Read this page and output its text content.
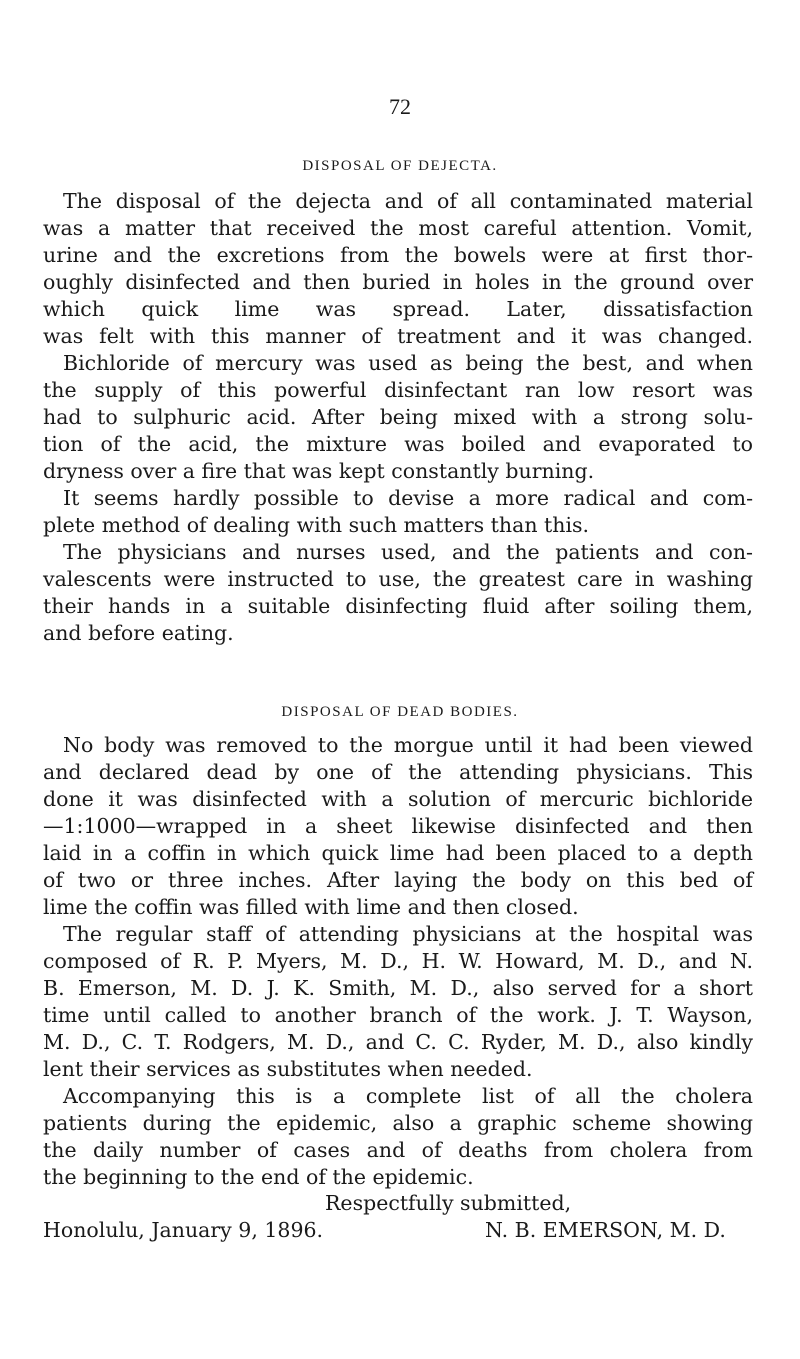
72
DISPOSAL OF DEJECTA.
The disposal of the dejecta and of all contaminated material
was a matter that received the most careful attention. Vomit,
urine and the excretions from the bowels were at first thor-
oughly disinfected and then buried in holes in the ground over
which quick lime was spread. Later, dissatisfaction
was felt with this manner of treatment and it was changed.
Bichloride of mercury was used as being the best, and when
the supply of this powerful disinfectant ran low resort was
had to sulphuric acid. After being mixed with a strong solu-
tion of the acid, the mixture was boiled and evaporated to
dryness over a fire that was kept constantly burning.
It seems hardly possible to devise a more radical and com-
plete method of dealing with such matters than this.
The physicians and nurses used, and the patients and con-
valescents were instructed to use, the greatest care in washing
their hands in a suitable disinfecting fluid after soiling them,
and before eating.
DISPOSAL OF DEAD BODIES.
No body was removed to the morgue until it had been viewed
and declared dead by one of the attending physicians. This
done it was disinfected with a solution of mercuric bichloride
—1:1000—wrapped in a sheet likewise disinfected and then
laid in a coffin in which quick lime had been placed to a depth
of two or three inches. After laying the body on this bed of
lime the coffin was filled with lime and then closed.
The regular staff of attending physicians at the hospital was
composed of R. P. Myers, M. D., H. W. Howard, M. D., and N.
B. Emerson, M. D. J. K. Smith, M. D., also served for a short
time until called to another branch of the work. J. T. Wayson,
M. D., C. T. Rodgers, M. D., and C. C. Ryder, M. D., also kindly
lent their services as substitutes when needed.
Accompanying this is a complete list of all the cholera
patients during the epidemic, also a graphic scheme showing
the daily number of cases and of deaths from cholera from
the beginning to the end of the epidemic.
Respectfully submitted,
Honolulu, January 9, 1896.	N. B. EMERSON, M. D.
